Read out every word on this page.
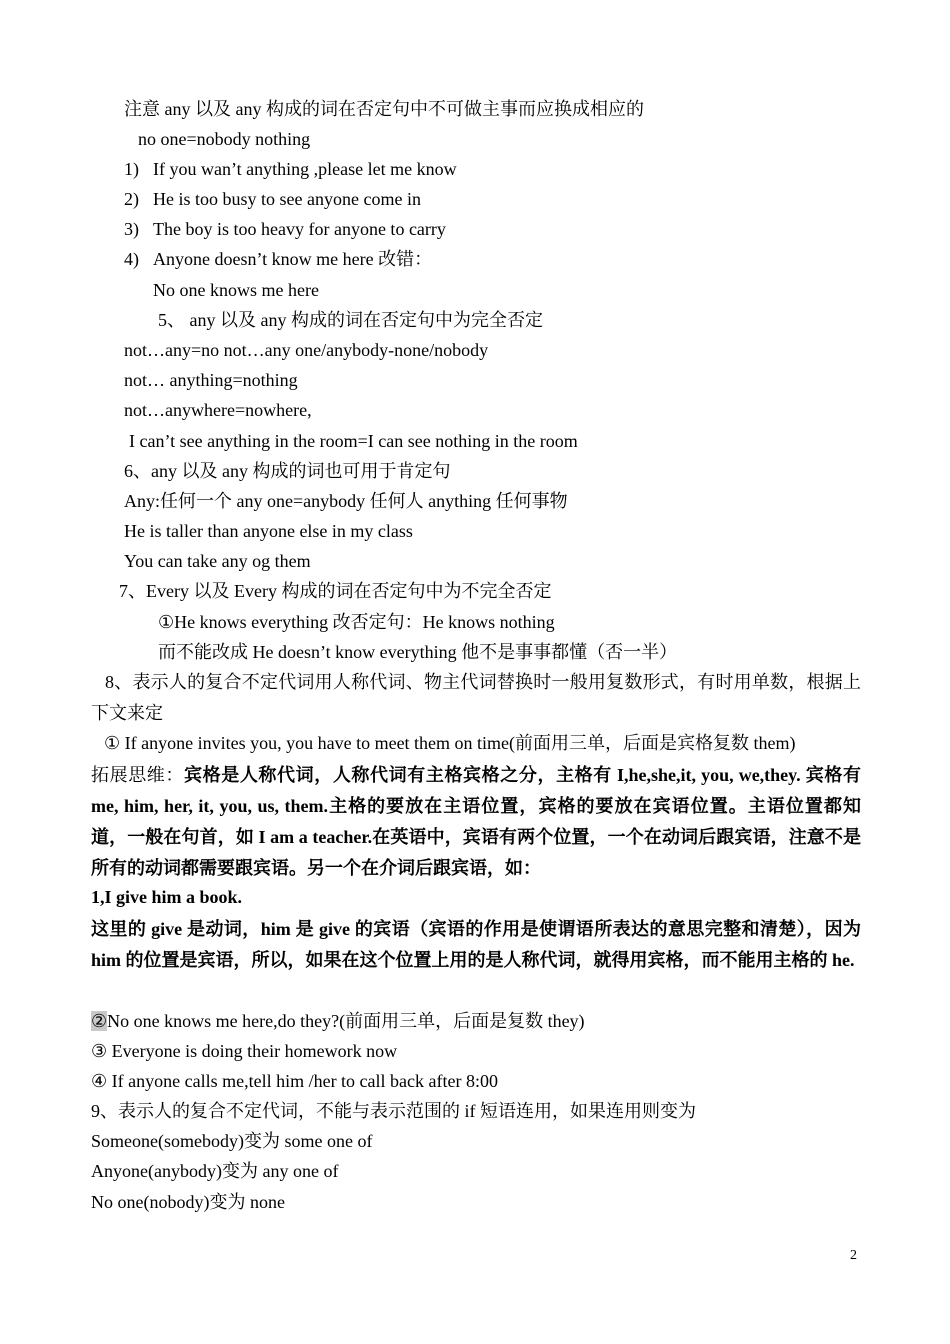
注意 any 以及 any 构成的词在否定句中不可做主事而应换成相应的
no one=nobody nothing
1) If you wan’t anything ,please let me know
2) He is too busy to see anyone come in
3) The boy is too heavy for anyone to carry
4) Anyone doesn’t know me here 改错：
No one knows me here
5、 any 以及 any 构成的词在否定句中为完全否定
not…any=no not…any one/anybody-none/nobody
not… anything=nothing
not…anywhere=nowhere,
I can’t see anything in the room=I can see nothing in the room
6、any 以及 any 构成的词也可用于肯定句
Any:任何一个 any one=anybody 任何人 anything 任何事物
He is taller than anyone else in my class
You can take any og them
7、Every 以及 Every 构成的词在否定句中为不完全否定
①He knows everything 改否定句：He knows nothing
而不能改成 He doesn’t know everything 他不是事事都懂（否一半）
8、表示人的复合不定代词用人称代词、物主代词替换时一般用复数形式，有时用单数，根据上下文来定
① If anyone invites you, you have to meet them on time(前面用三单，后面是宾格复数 them)
拓展思维：宾格是人称代词，人称代词有主格宾格之分，主格有 I,he,she,it, you, we,they. 宾格有 me, him, her, it, you, us, them.主格的要放在主语位置，宾格的要放在宾语位置。主语位置都知道，一般在句首，如 I am a teacher.在英语中，宾语有两个位置，一个在动词后跟宾语，注意不是所有的动词都需要跟宾语。另一个在介词后跟宾语，如：
1,I give him a book.
这里的 give 是动词，him 是 give 的宾语（宾语的作用是使谓语所表达的意思完整和清楚），因为 him 的位置是宾语，所以，如果在这个位置上用的是人称代词，就得用宾格，而不能用主格的 he.
②No one knows me here,do they?(前面用三单，后面是复数 they)
③ Everyone is doing their homework now
④ If anyone calls me,tell him /her to call back after 8:00
9、表示人的复合不定代词，不能与表示范围的 if 短语连用，如果连用则变为
Someone(somebody)变为 some one of
Anyone(anybody)变为 any one of
No one(nobody)变为 none
2
